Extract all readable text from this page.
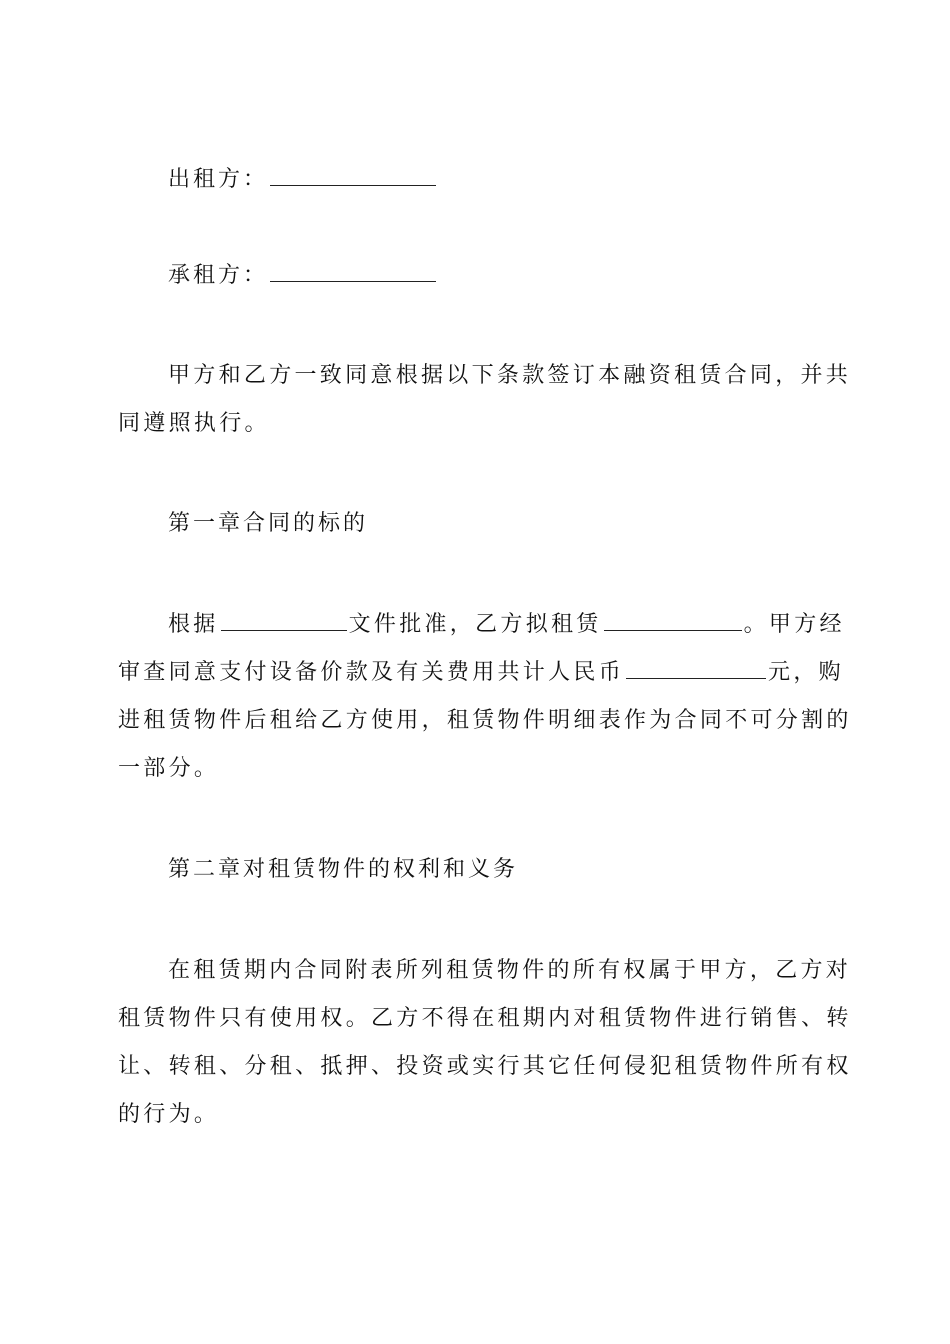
出租方：
承租方：
甲方和乙方一致同意根据以下条款签订本融资租赁合同，并共
同遵照执行。
第一章合同的标的
根据	文件批准，乙方拟租赁	。甲方经
审查同意支付设备价款及有关费用共计人民币	元，购
进租赁物件后租给乙方使用，租赁物件明细表作为合同不可分割的
一部分。
第二章对租赁物件的权利和义务
在租赁期内合同附表所列租赁物件的所有权属于甲方，乙方对
租赁物件只有使用权。乙方不得在租期内对租赁物件进行销售、转
让、转租、分租、抵押、投资或实行其它任何侵犯租赁物件所有权
的行为。
